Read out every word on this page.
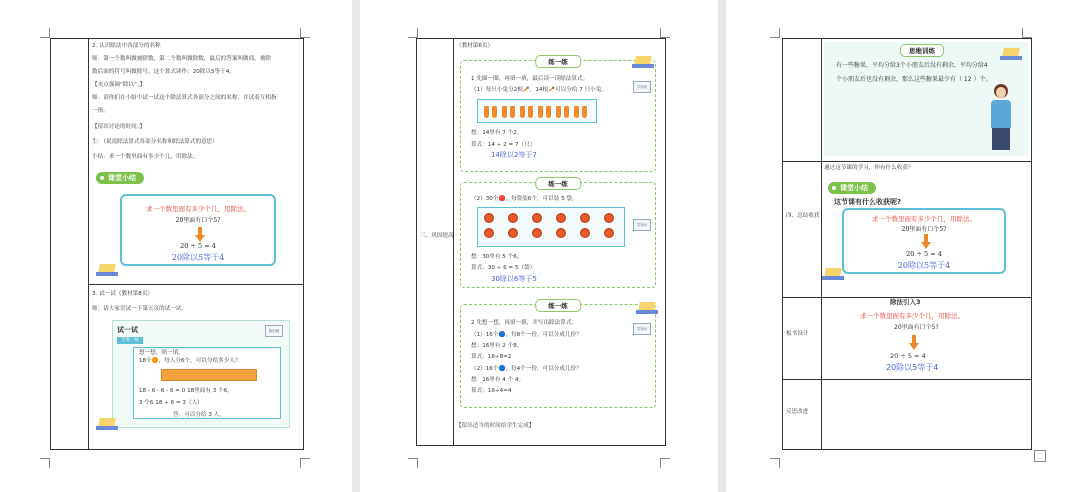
2. 认识除法中各部分的名称
师：第一个数叫做被除数，第二个数叫做除数，最后的答案叫做商，被除
数后面的符号叫做除号。这个算式读作：20除以5等于4。
【夹点强调“除以”。】
师：请你们在小组中试一试这个除法算式各部分之间的名称，并试着互相指
一指。
【留出讨论的时间。】
生：（说说除法算式各部分名称和除法算式的意思）
小结：求一个数里面有多少个几，用除法。
课堂小结
求一个数里面有多少个几，用除法。
20里面有口个5?
20 ÷ 5 = 4
20除以5等于4
3. 试一试（教材第8页）
师：请大家尝试一下第五页的试一试。
试一试
节奏一统
我们就
想一想，填一填。
18个🟠，每人分6个，可以分给多少人？
18 - 6 - 6 - 6 = 0 18里面有 3 个6。
3 个6 18 ÷ 6 = 3（人）
答：可以分给 3 人。
三、巩固提高
（教材第6页）
练一练
学知识
1 先圈一圈，再填一填，最后读一读除法算式。
（1）每只小兔分2根🥕，14根🥕可以分给 7 只小兔。
想：14里有 7 个2。
算式：14 ÷ 2 = 7（只）
14除以2等于7
练一练
学知识
（2）30个🔴，每袋装6个，可以装 5 袋。
想：30里有 5 个6。
算式：30 ÷ 6 = 5（袋）
30除以6等于5
练一练
学知识
2 先想一想，再填一填，并写出除法算式。
（1）16个🔵，每8个一份，可以分成几份？
想：16里有 2 个8。
算式：16÷8=2
（2）16个🔵，每4个一份，可以分成几份？
想：16里有 4 个 4。
算式：16÷4=4
【留出适当的时间给学生完成】
思维训练
有一些糖果，平均分给3个小朋友后没有剩余，平均分给4
个小朋友后也没有剩余，那么这些糖果最少有（ 12 ）个。
四、总结收获
通过这节课的学习，你有什么收获？
课堂小结
这节课有什么收获呢?
求一个数里面有多少个几，用除法。
20里面有口个5?
20 ÷ 5 = 4
20除以5等于4
板书设计
除法引入3
求一个数里面有多少个几，用除法。
20里面有口个5?
20 ÷ 5 = 4
20除以5等于4
反思改进
